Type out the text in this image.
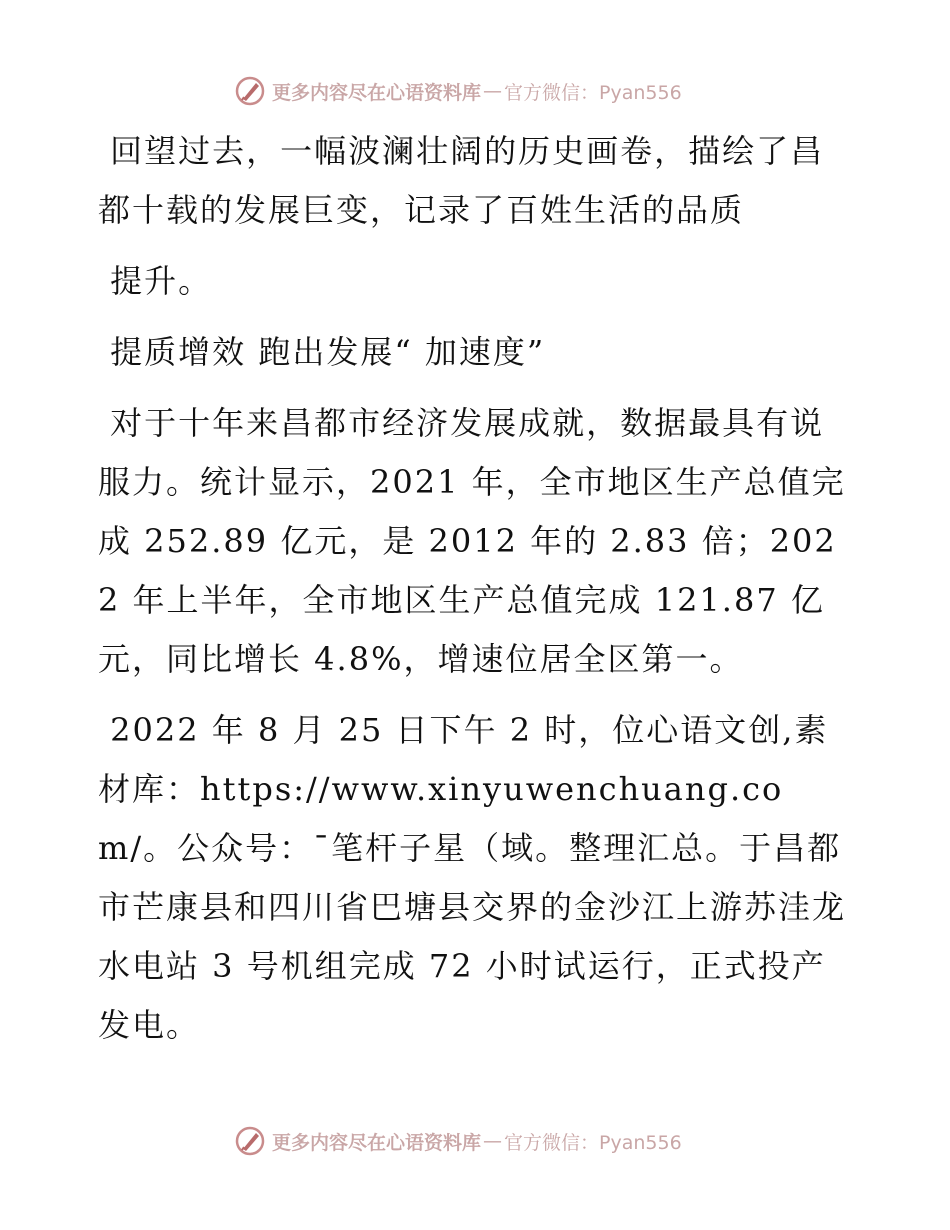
更多内容尽在心语资料库 — 官方微信：Pyan556

回望过去，一幅波澜壮阔的历史画卷，描绘了昌都十载的发展巨变，记录了百姓生活的品质

提升。

提质增效 跑出发展“ 加速度”

对于十年来昌都市经济发展成就，数据最具有说服力。统计显示，2021 年，全市地区生产总值完成 252.89 亿元，是 2012 年的 2.83 倍；2022 年上半年，全市地区生产总值完成 121.87 亿元，同比增长 4.8%，增速位居全区第一。

2022 年 8 月 25 日下午 2 时，位心语文创,素材库：https://www.xinyuwenchuang.com/。公众号：¯笔杆子星（域。整理汇总。于昌都市芒康县和四川省巴塘县交界的金沙江上游苏洼龙水电站 3 号机组完成 72 小时试运行，正式投产发电。

更多内容尽在心语资料库 — 官方微信：Pyan556
